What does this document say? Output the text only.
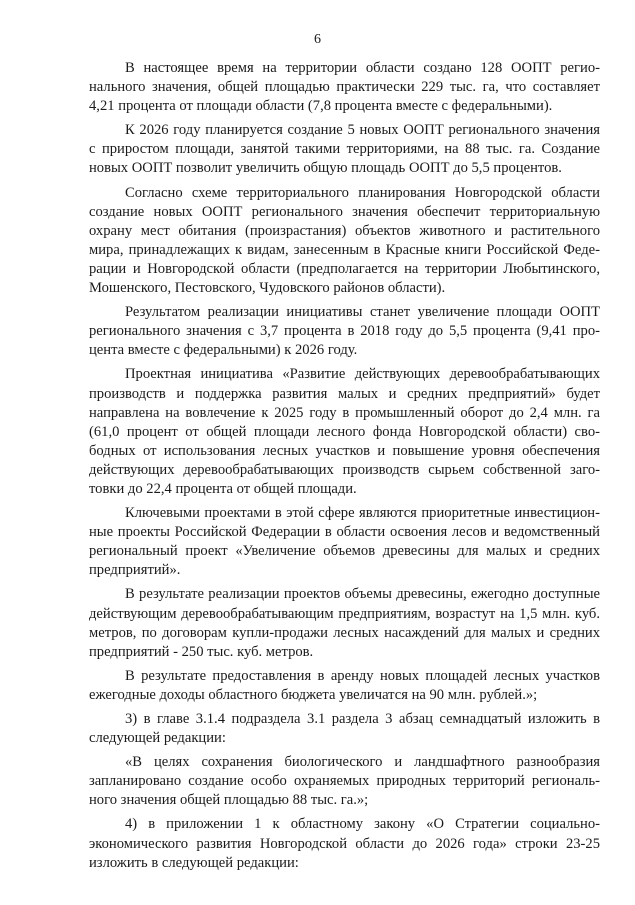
6

В настоящее время на территории области создано 128 ООПТ регионального значения, общей площадью практически 229 тыс. га, что составляет 4,21 процента от площади области (7,8 процента вместе с федеральными).

К 2026 году планируется создание 5 новых ООПТ регионального значения с приростом площади, занятой такими территориями, на 88 тыс. га. Создание новых ООПТ позволит увеличить общую площадь ООПТ до 5,5 процентов.

Согласно схеме территориального планирования Новгородской области создание новых ООПТ регионального значения обеспечит территориальную охрану мест обитания (произрастания) объектов животного и растительного мира, принадлежащих к видам, занесенным в Красные книги Российской Федерации и Новгородской области (предполагается на территории Любытинского, Мошенского, Пестовского, Чудовского районов области).

Результатом реализации инициативы станет увеличение площади ООПТ регионального значения с 3,7 процента в 2018 году до 5,5 процента (9,41 процента вместе с федеральными) к 2026 году.

Проектная инициатива «Развитие действующих деревообрабатывающих производств и поддержка развития малых и средних предприятий» будет направлена на вовлечение к 2025 году в промышленный оборот до 2,4 млн. га (61,0 процент от общей площади лесного фонда Новгородской области) свободных от использования лесных участков и повышение уровня обеспечения действующих деревообрабатывающих производств сырьем собственной заготовки до 22,4 процента от общей площади.

Ключевыми проектами в этой сфере являются приоритетные инвестиционные проекты Российской Федерации в области освоения лесов и ведомственный региональный проект «Увеличение объемов древесины для малых и средних предприятий».

В результате реализации проектов объемы древесины, ежегодно доступные действующим деревообрабатывающим предприятиям, возрастут на 1,5 млн. куб. метров, по договорам купли-продажи лесных насаждений для малых и средних предприятий - 250 тыс. куб. метров.

В результате предоставления в аренду новых площадей лесных участков ежегодные доходы областного бюджета увеличатся на 90 млн. рублей.»;

3) в главе 3.1.4 подраздела 3.1 раздела 3 абзац семнадцатый изложить в следующей редакции:

«В целях сохранения биологического и ландшафтного разнообразия запланировано создание особо охраняемых природных территорий регионального значения общей площадью 88 тыс. га.»;

4) в приложении 1 к областному закону «О Стратегии социально-экономического развития Новгородской области до 2026 года» строки 23-25 изложить в следующей редакции:
